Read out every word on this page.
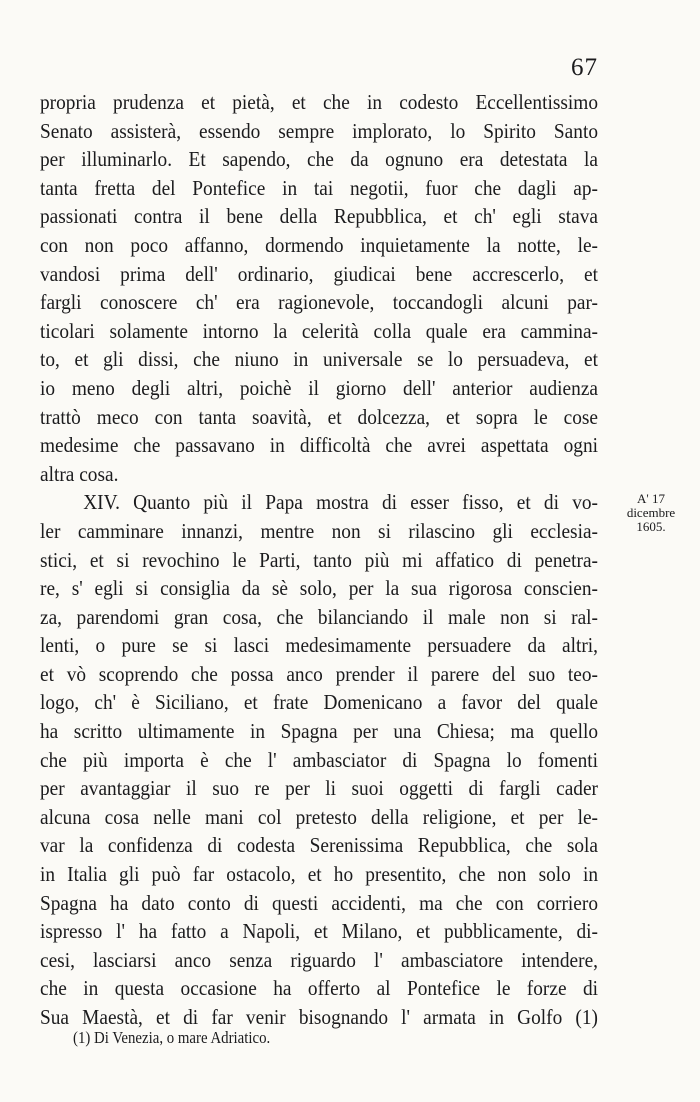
67
propria prudenza et pietà, et che in codesto Eccellentissimo
Senato assisterà, essendo sempre implorato, lo Spirito Santo
per illuminarlo. Et sapendo, che da ognuno era detestata la
tanta fretta del Pontefice in tai negotii, fuor che dagli ap-
passionati contra il bene della Repubblica, et ch' egli stava
con non poco affanno, dormendo inquietamente la notte, le-
vandosi prima dell' ordinario, giudicai bene accrescerlo, et
fargli conoscere ch' era ragionevole, toccandogli alcuni par-
ticolari solamente intorno la celerità colla quale era cammina-
to, et gli dissi, che niuno in universale se lo persuadeva, et
io meno degli altri, poichè il giorno dell' anterior audienza
trattò meco con tanta soavità, et dolcezza, et sopra le cose
medesime che passavano in difficoltà che avrei aspettata ogni
altra cosa.
XIV. Quanto più il Papa mostra di esser fisso, et di vo-
ler camminare innanzi, mentre non si rilascino gli ecclesia-
stici, et si revochino le Parti, tanto più mi affatico di penetra-
re, s' egli si consiglia da sè solo, per la sua rigorosa conscien-
za, parendomi gran cosa, che bilanciando il male non si ral-
lenti, o pure se si lasci medesimamente persuadere da altri,
et vò scoprendo che possa anco prender il parere del suo teo-
logo, ch' è Siciliano, et frate Domenicano a favor del quale
ha scritto ultimamente in Spagna per una Chiesa; ma quello
che più importa è che l' ambasciator di Spagna lo fomenti
per avantaggiar il suo re per li suoi oggetti di fargli cader
alcuna cosa nelle mani col pretesto della religione, et per le-
var la confidenza di codesta Serenissima Repubblica, che sola
in Italia gli può far ostacolo, et ho presentito, che non solo in
Spagna ha dato conto di questi accidenti, ma che con corriero
ispresso l' ha fatto a Napoli, et Milano, et pubblicamente, di-
cesi, lasciarsi anco senza riguardo l' ambasciatore intendere,
che in questa occasione ha offerto al Pontefice le forze di
Sua Maestà, et di far venir bisognando l' armata in Golfo (1)
A' 17
dicembre
1605.
(1) Di Venezia, o mare Adriatico.
